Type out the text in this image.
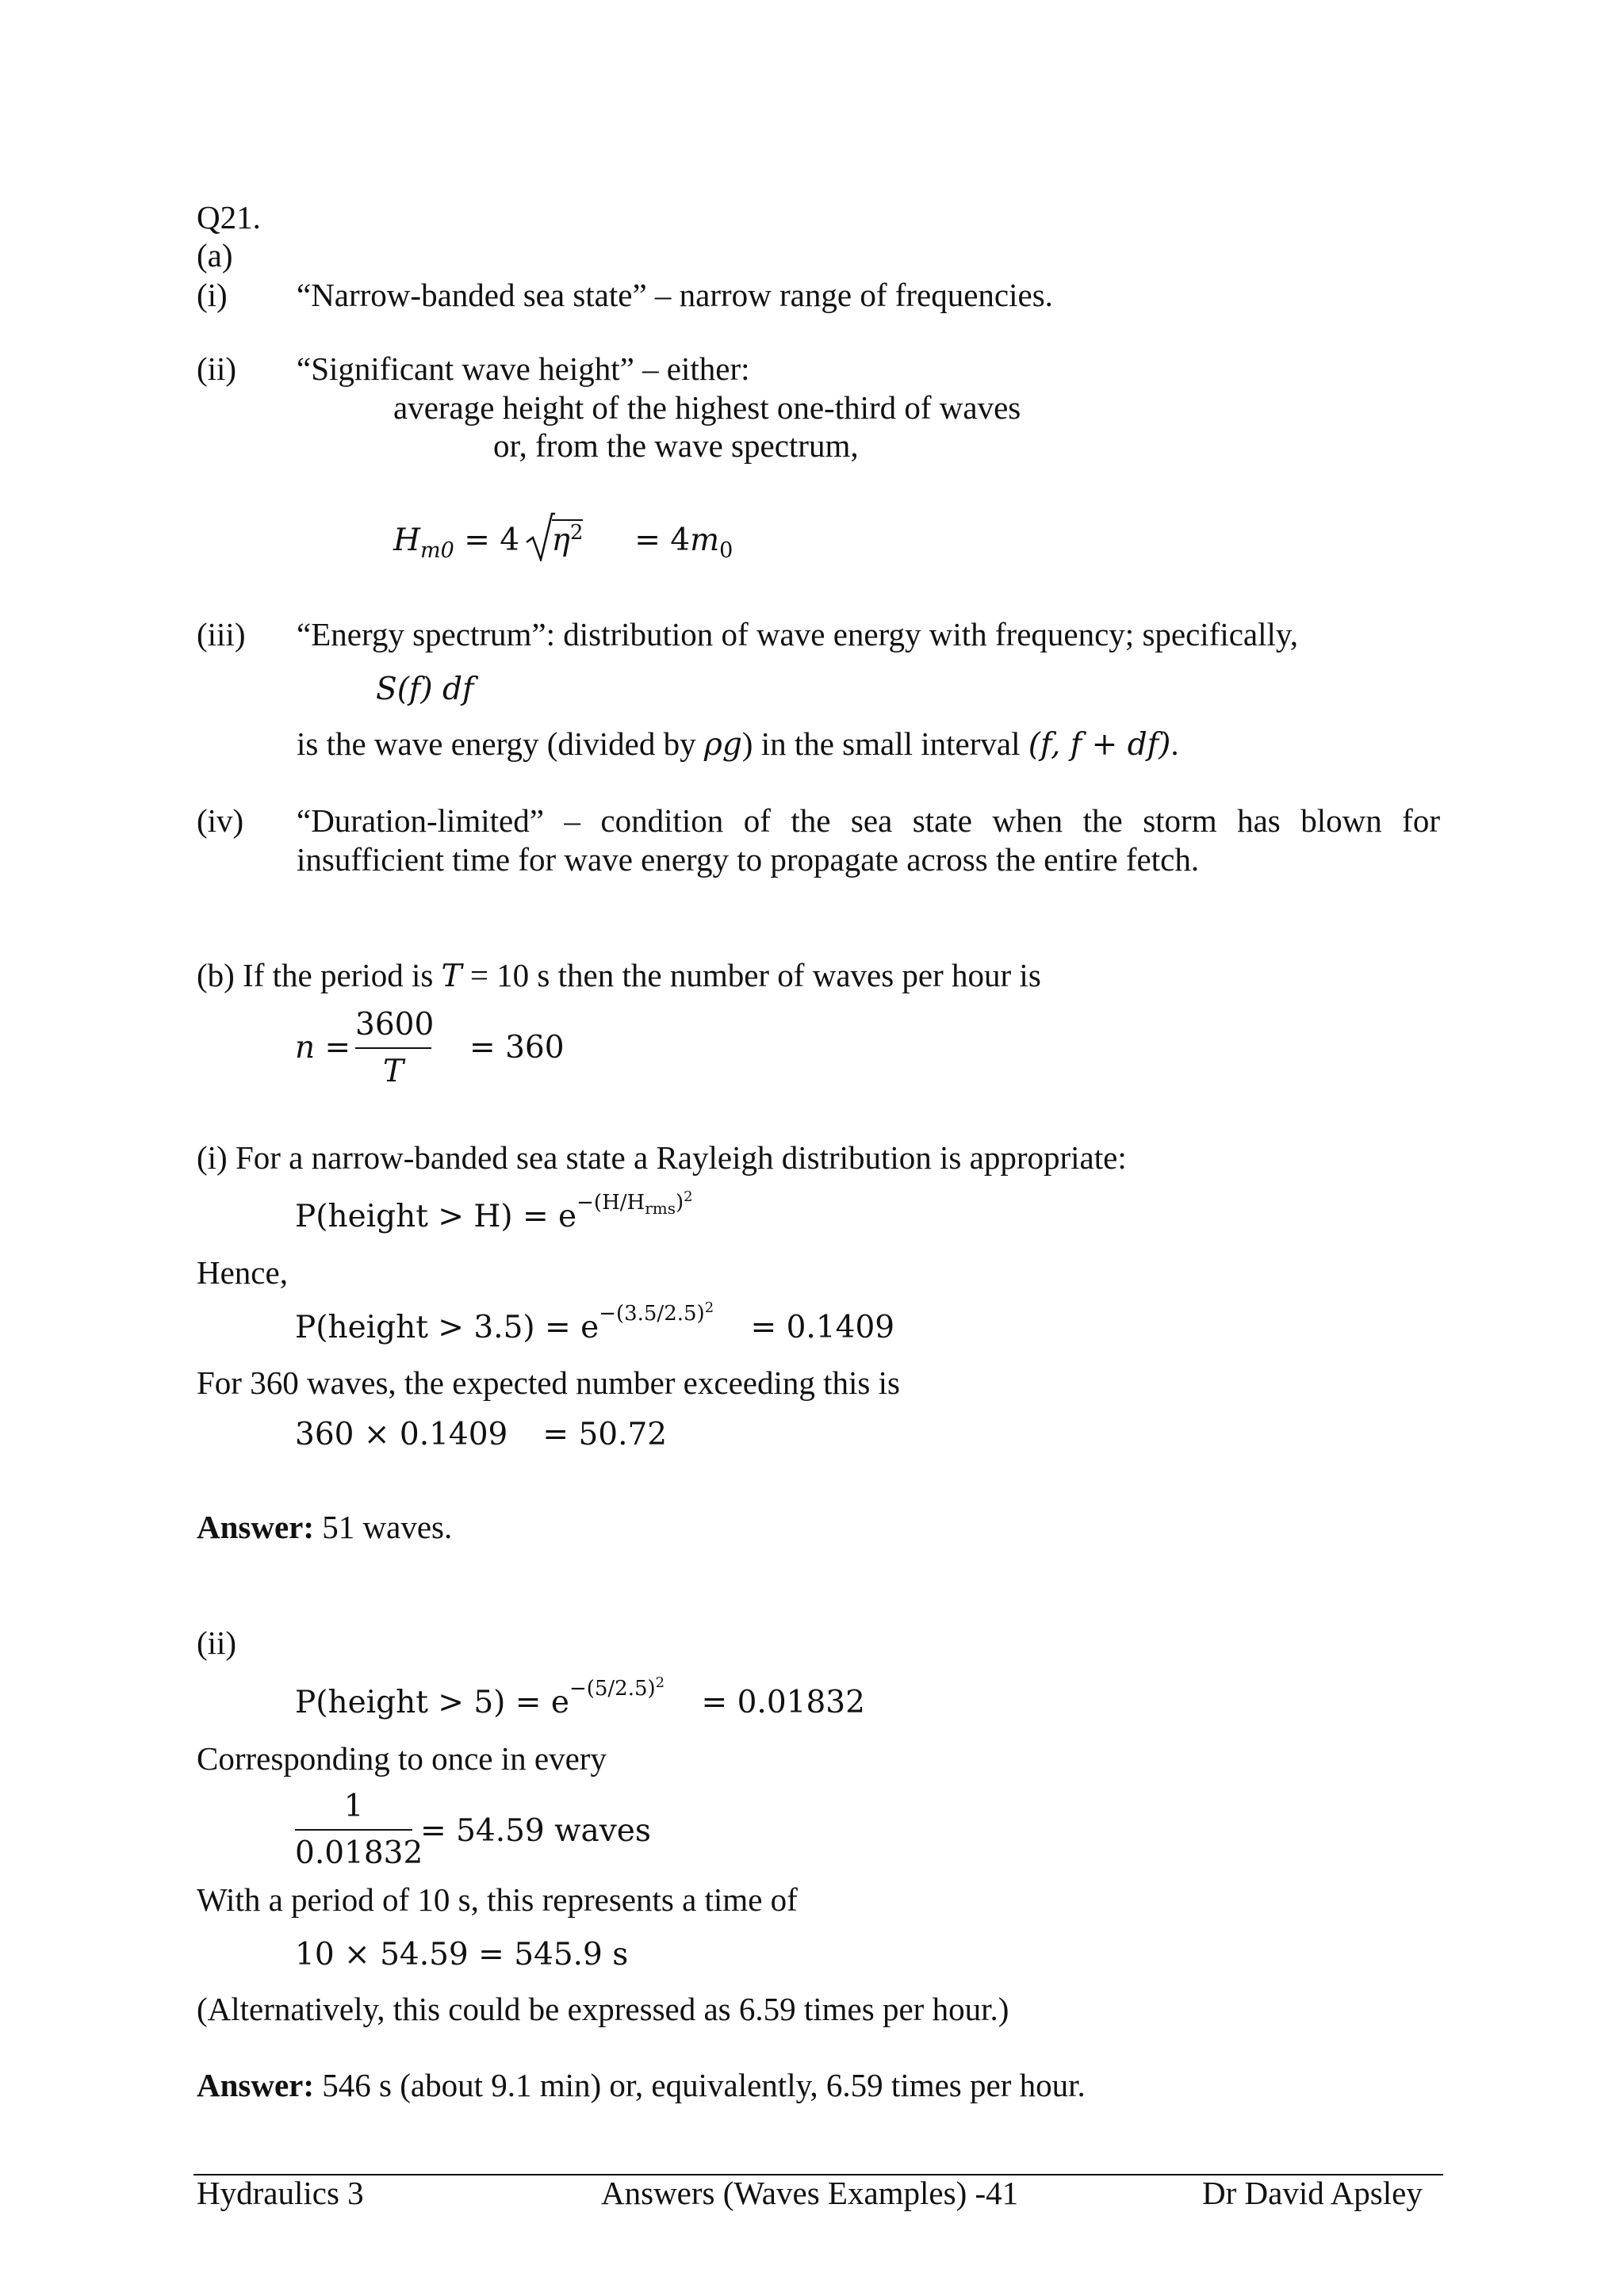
Q21.
(a)
(i) “Narrow-banded sea state” – narrow range of frequencies.
(ii) “Significant wave height” – either:
average height of the highest one-third of waves
or, from the wave spectrum,
$H_{m0} = 4$ $\eta^2 = 4m_0$
(iii) “Energy spectrum”: distribution of wave energy with frequency; specifically,
S(f) df
is the wave energy (divided by ρg) in the small interval (f, f + df).
(iv) “Duration-limited” – condition of the sea state when the storm has blown for
insufficient time for wave energy to propagate across the entire fetch.
(b) If the period is T = 10 s then the number of waves per hour is
n =
3600
T
= 360
(i) For a narrow-banded sea state a Rayleigh distribution is appropriate:
P(height > $H) = e^{-(H/H_{rms})^2}$
Hence,
P(height > $3.5) = e^{-(3.5/2.5)^2} = 0.1409$
For 360 waves, the expected number exceeding this is
360 × 0.1409 = 50.72
Answer: 51 waves.
(ii)
P(height > $5) = e^{-(5/2.5)^2} = 0.01832$
Corresponding to once in every
1
0.01832
= 54.59 waves
With a period of 10 s, this represents a time of
10 × 54.59 = 545.9 s
(Alternatively, this could be expressed as 6.59 times per hour.)
Answer: 546 s (about 9.1 min) or, equivalently, 6.59 times per hour.
Hydraulics 3	Answers (Waves Examples) -41	Dr David Apsley
